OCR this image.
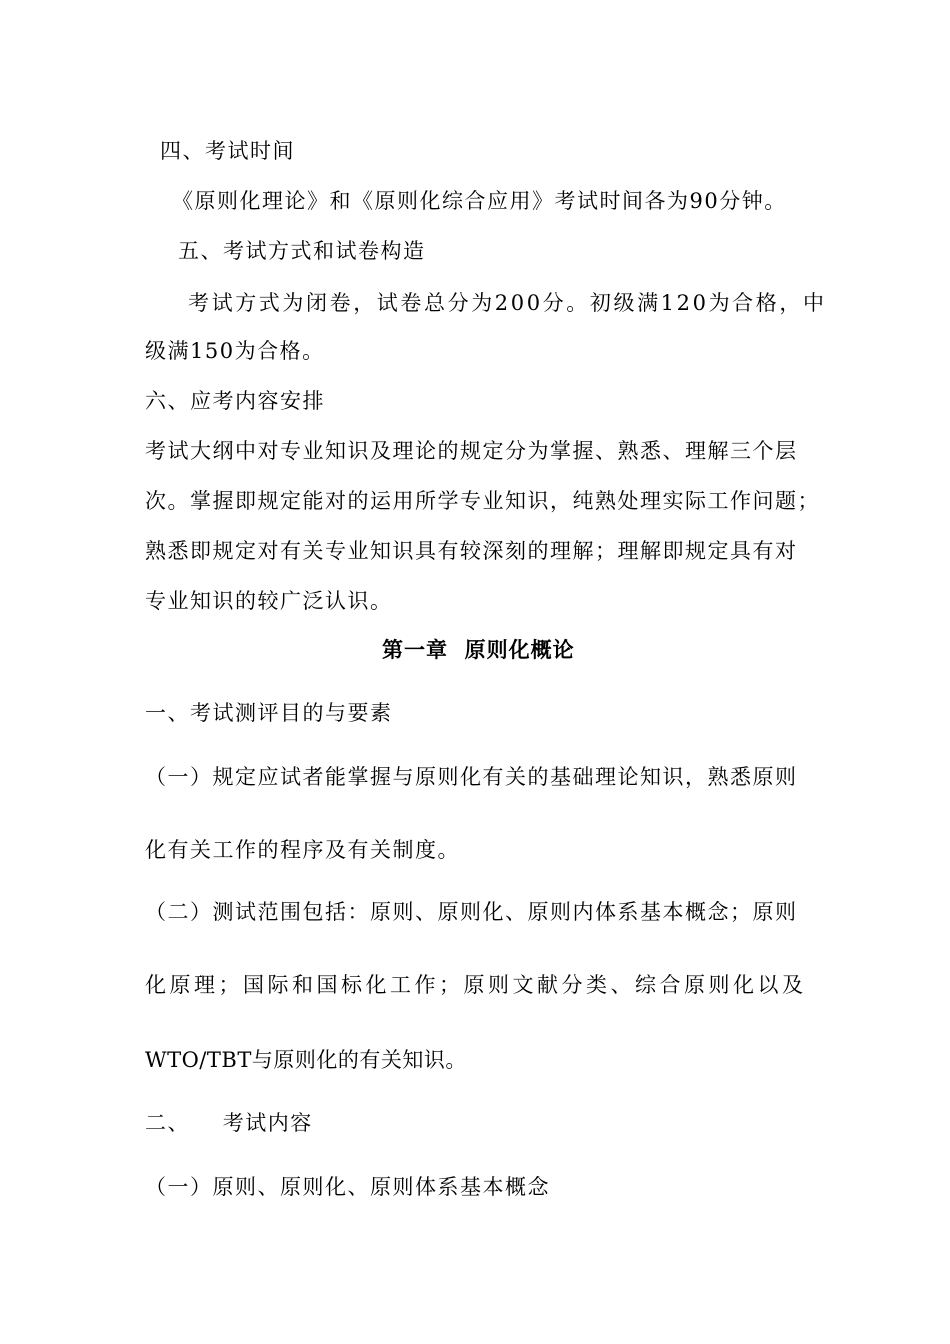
四、考试时间
《原则化理论》和《原则化综合应用》考试时间各为90分钟。
五、考试方式和试卷构造
考试方式为闭卷，试卷总分为200分。初级满120为合格，中
级满150为合格。
六、应考内容安排
考试大纲中对专业知识及理论的规定分为掌握、熟悉、理解三个层
次。掌握即规定能对的运用所学专业知识，纯熟处理实际工作问题；
熟悉即规定对有关专业知识具有较深刻的理解；理解即规定具有对
专业知识的较广泛认识。
第一章  原则化概论
一、考试测评目的与要素
（一）规定应试者能掌握与原则化有关的基础理论知识，熟悉原则
化有关工作的程序及有关制度。
（二）测试范围包括：原则、原则化、原则内体系基本概念；原则
化原理；国际和国标化工作；原则文献分类、综合原则化以及
WTO/TBT与原则化的有关知识。
二、    考试内容
（一）原则、原则化、原则体系基本概念
